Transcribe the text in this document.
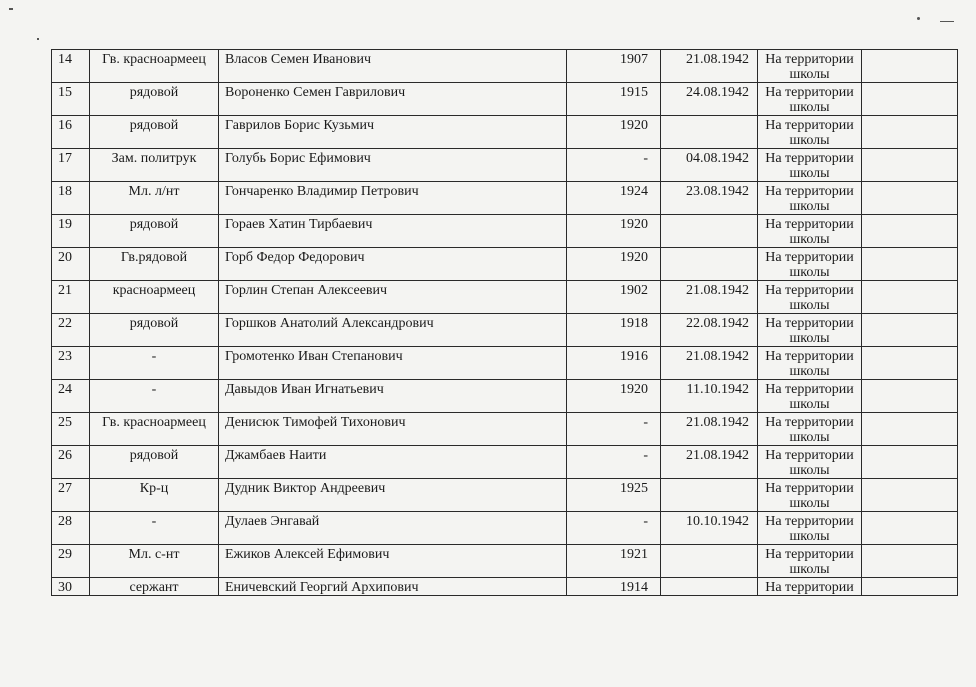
14	Гв. красноармеец	Власов Семен Иванович	1907	21.08.1942	На территории школы	
15	рядовой	Вороненко Семен Гаврилович	1915	24.08.1942	На территории школы	
16	рядовой	Гаврилов Борис Кузьмич	1920		На территории школы	
17	Зам. политрук	Голубь Борис Ефимович	-	04.08.1942	На территории школы	
18	Мл. л/нт	Гончаренко Владимир Петрович	1924	23.08.1942	На территории школы	
19	рядовой	Гораев Хатин Тирбаевич	1920		На территории школы	
20	Гв.рядовой	Горб Федор Федорович	1920		На территории школы	
21	красноармеец	Горлин Степан Алексеевич	1902	21.08.1942	На территории школы	
22	рядовой	Горшков Анатолий Александрович	1918	22.08.1942	На территории школы	
23	-	Громотенко Иван Степанович	1916	21.08.1942	На территории школы	
24	-	Давыдов Иван Игнатьевич	1920	11.10.1942	На территории школы	
25	Гв. красноармеец	Денисюк Тимофей Тихонович	-	21.08.1942	На территории школы	
26	рядовой	Джамбаев Наити	-	21.08.1942	На территории школы	
27	Кр-ц	Дудник Виктор Андреевич	1925		На территории школы	
28	-	Дулаев Энгавай	-	10.10.1942	На территории школы	
29	Мл. с-нт	Ежиков Алексей Ефимович	1921		На территории школы	
30	сержант	Еничевский Георгий Архипович	1914		На территории	
